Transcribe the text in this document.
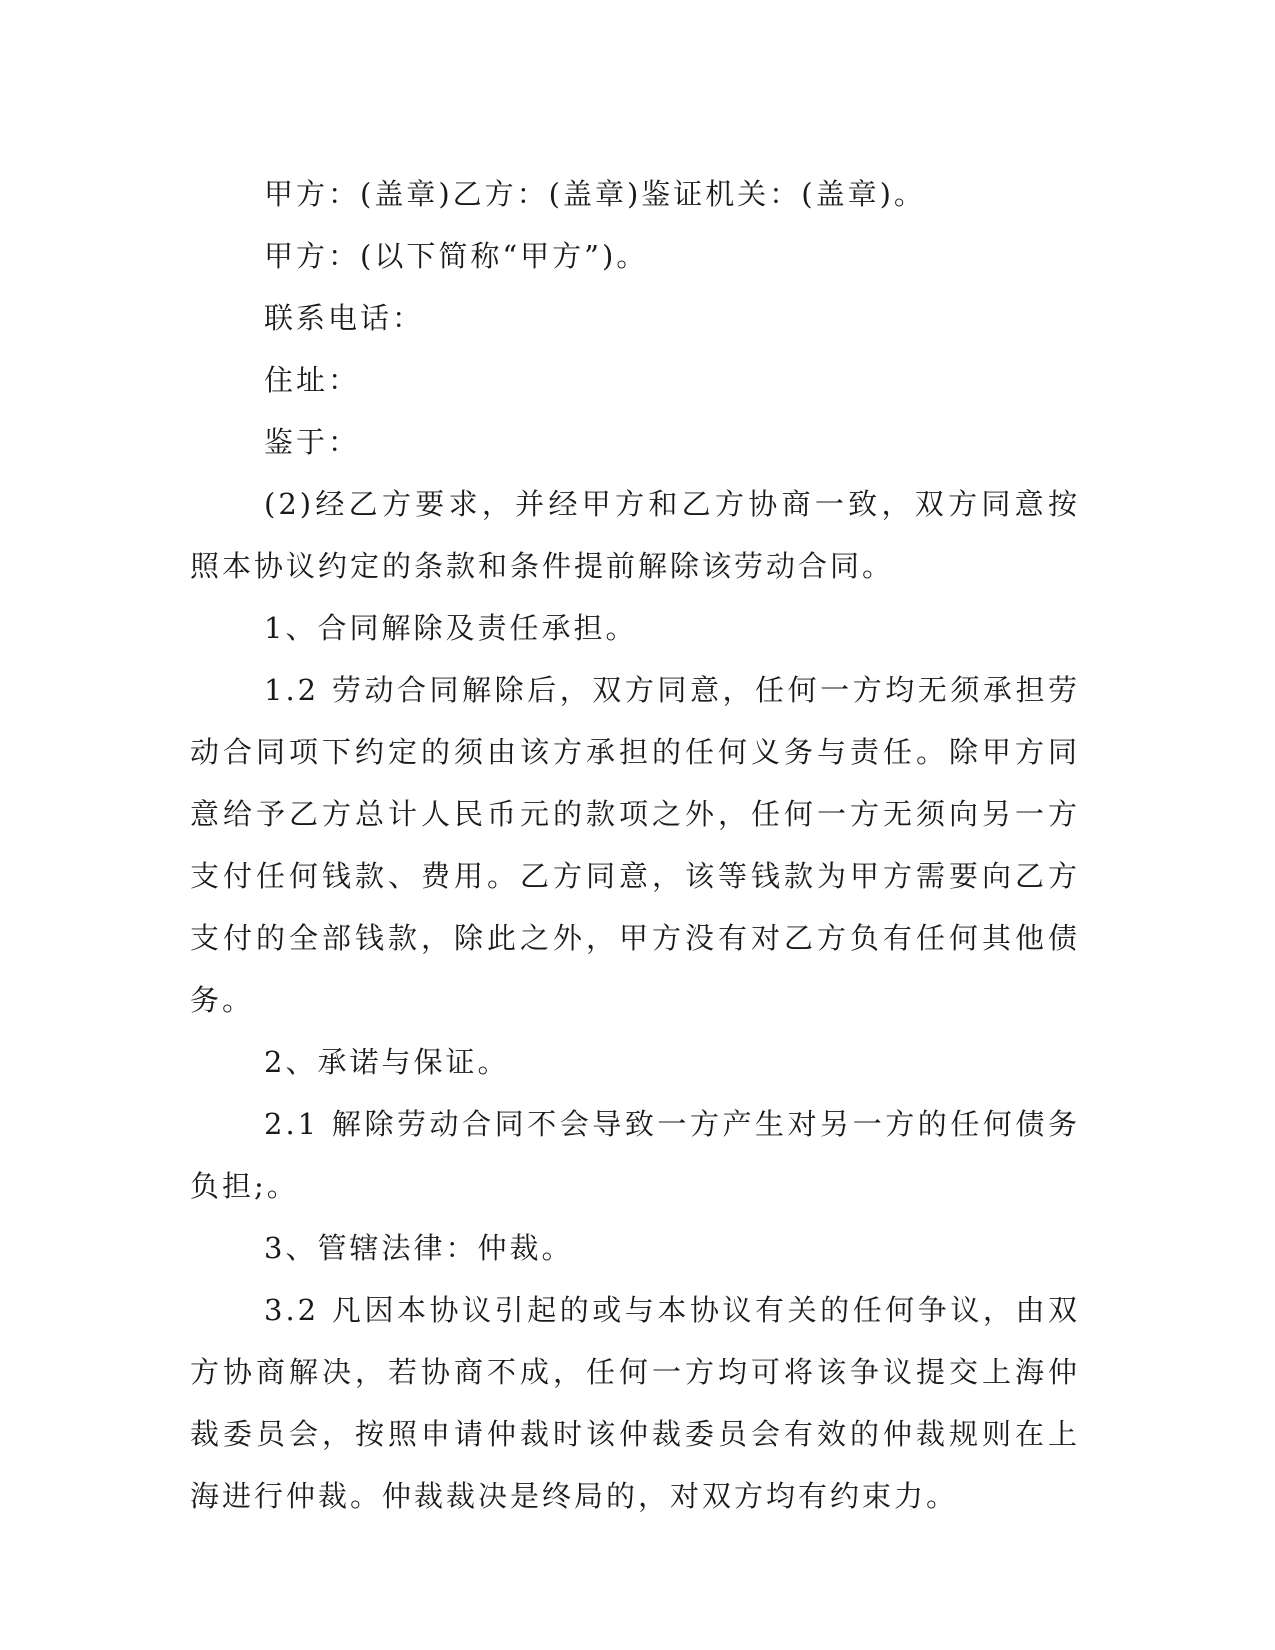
甲方：(盖章)乙方：(盖章)鉴证机关：(盖章)。

甲方：(以下简称“甲方”)。

联系电话：

住址：

鉴于：

(2)经乙方要求，并经甲方和乙方协商一致，双方同意按照本协议约定的条款和条件提前解除该劳动合同。

1、合同解除及责任承担。

1.2 劳动合同解除后，双方同意，任何一方均无须承担劳动合同项下约定的须由该方承担的任何义务与责任。除甲方同意给予乙方总计人民币元的款项之外，任何一方无须向另一方支付任何钱款、费用。乙方同意，该等钱款为甲方需要向乙方支付的全部钱款，除此之外，甲方没有对乙方负有任何其他债务。

2、承诺与保证。

2.1 解除劳动合同不会导致一方产生对另一方的任何债务负担;。

3、管辖法律：仲裁。

3.2 凡因本协议引起的或与本协议有关的任何争议，由双方协商解决，若协商不成，任何一方均可将该争议提交上海仲裁委员会，按照申请仲裁时该仲裁委员会有效的仲裁规则在上海进行仲裁。仲裁裁决是终局的，对双方均有约束力。
